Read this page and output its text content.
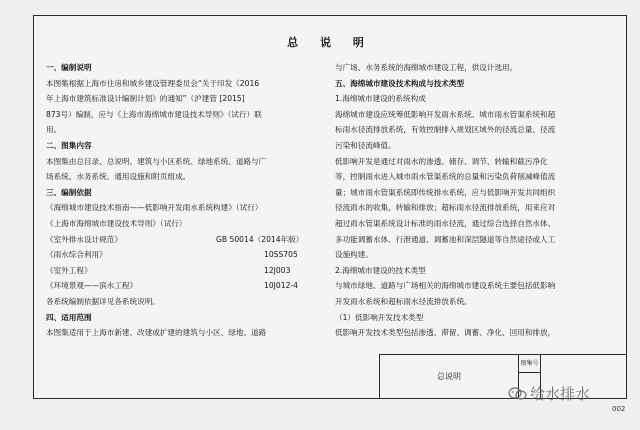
总 说 明
一、编制说明
本图集根据上海市住房和城乡建设管理委员会“关于印发《2016
年上海市建筑标准设计编制计划》的通知”（沪建管 [2015]
873号）编制，应与《上海市海绵城市建设技术导则》（试行）联
用。
二、图集内容
本图集由总目录、总说明、建筑与小区系统、绿地系统、道路与广
场系统、水务系统、通用设施和附页组成。
三、编制依据
《海绵城市建设技术指南——低影响开发雨水系统构建》（试行）
《上海市海绵城市建设技术导则》（试行）
《室外排水设计规范》	GB 50014（2014年版）
《雨水综合利用》	10SS705
《室外工程》	12J003
《环境景观——滨水工程》	10J012-4
各系统编制依据详见各系统说明。
四、适用范围
本图集适用于上海市新建、改建或扩建的建筑与小区、绿地、道路
与广场、水务系统的海绵城市建设工程，供设计选用。
五、海绵城市建设技术构成与技术类型
1.海绵城市建设的系统构成
海绵城市建设应统筹低影响开发雨水系统、城市雨水管渠系统和超
标雨水径流排放系统，有效控制排入规划区域外的径流总量、径流
污染和径流峰值。
低影响开发是通过对雨水的渗透、储存、调节、转输和截污净化
等，控制雨水进入城市雨水管渠系统的总量和污染负荷削减峰值流
量；城市雨水管渠系统即传统排水系统，应与低影响开发共同组织
径流雨水的收集、转输和排放；超标雨水径流排放系统，用来应对
超过雨水管渠系统设计标准的雨水径流，通过综合选择自然水体、
多功能调蓄水体、行泄通道、调蓄池和深层隧道等自然途径或人工
设施构建。
2.海绵城市建设的技术类型
与城市绿地、道路与广场相关的海绵城市建设系统主要包括低影响
开发雨水系统和超标雨水径流排放系统。
（1）低影响开发技术类型
低影响开发技术类型包括渗透、滞留、调蓄、净化、回用和排放，
总说明
图集号
给水排水
002
